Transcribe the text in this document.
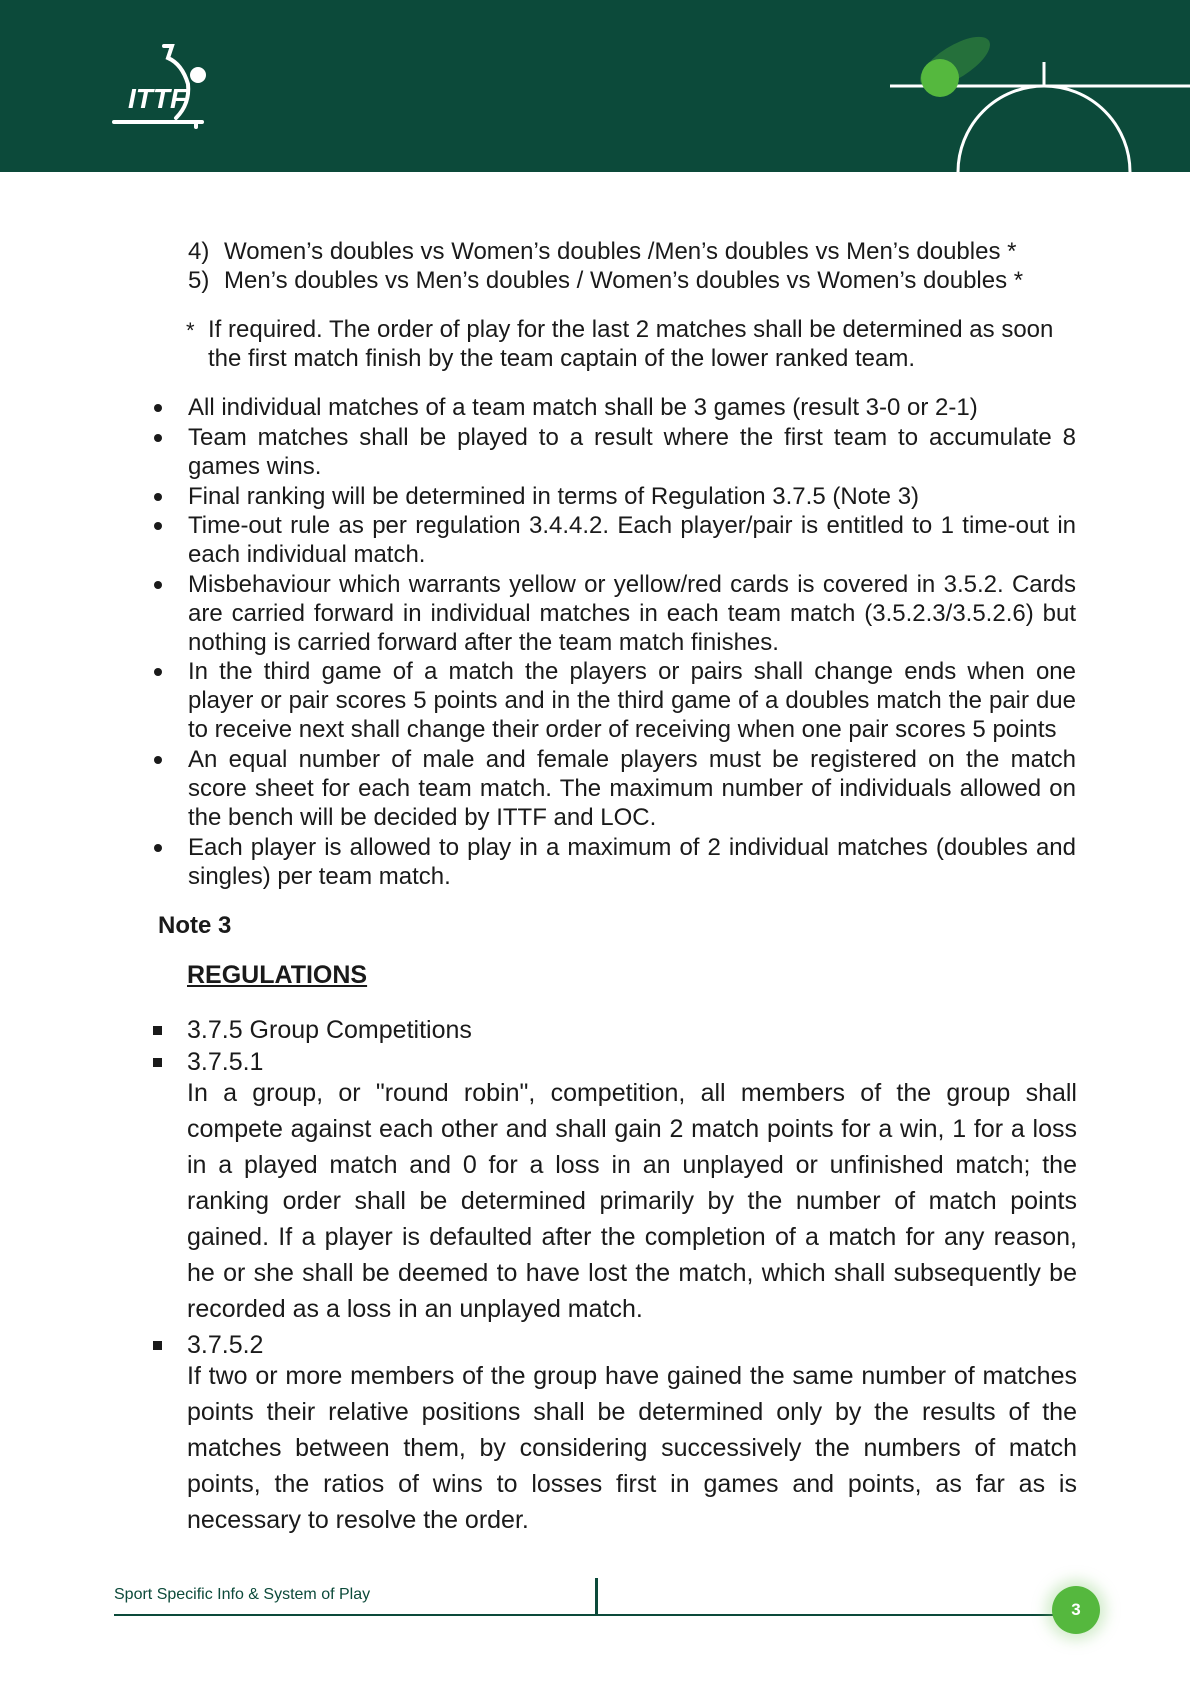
ITTF
4) Women’s doubles vs Women’s doubles /Men’s doubles vs Men’s doubles *
5) Men’s doubles vs Men’s doubles / Women’s doubles vs Women’s doubles *
* If required. The order of play for the last 2 matches shall be determined as soon the first match finish by the team captain of the lower ranked team.
All individual matches of a team match shall be 3 games (result 3-0 or 2-1)
Team matches shall be played to a result where the first team to accumulate 8 games wins.
Final ranking will be determined in terms of Regulation 3.7.5 (Note 3)
Time-out rule as per regulation 3.4.4.2. Each player/pair is entitled to 1 time-out in each individual match.
Misbehaviour which warrants yellow or yellow/red cards is covered in 3.5.2. Cards are carried forward in individual matches in each team match (3.5.2.3/3.5.2.6) but nothing is carried forward after the team match finishes.
In the third game of a match the players or pairs shall change ends when one player or pair scores 5 points and in the third game of a doubles match the pair due to receive next shall change their order of receiving when one pair scores 5 points
An equal number of male and female players must be registered on the match score sheet for each team match. The maximum number of individuals allowed on the bench will be decided by ITTF and LOC.
Each player is allowed to play in a maximum of 2 individual matches (doubles and singles) per team match.
Note 3
REGULATIONS
3.7.5 Group Competitions
3.7.5.1
In a group, or "round robin", competition, all members of the group shall compete against each other and shall gain 2 match points for a win, 1 for a loss in a played match and 0 for a loss in an unplayed or unfinished match; the ranking order shall be determined primarily by the number of match points gained. If a player is defaulted after the completion of a match for any reason, he or she shall be deemed to have lost the match, which shall subsequently be recorded as a loss in an unplayed match.
3.7.5.2
If two or more members of the group have gained the same number of matches points their relative positions shall be determined only by the results of the matches between them, by considering successively the numbers of match points, the ratios of wins to losses first in games and points, as far as is necessary to resolve the order.
Sport Specific Info & System of Play
3
